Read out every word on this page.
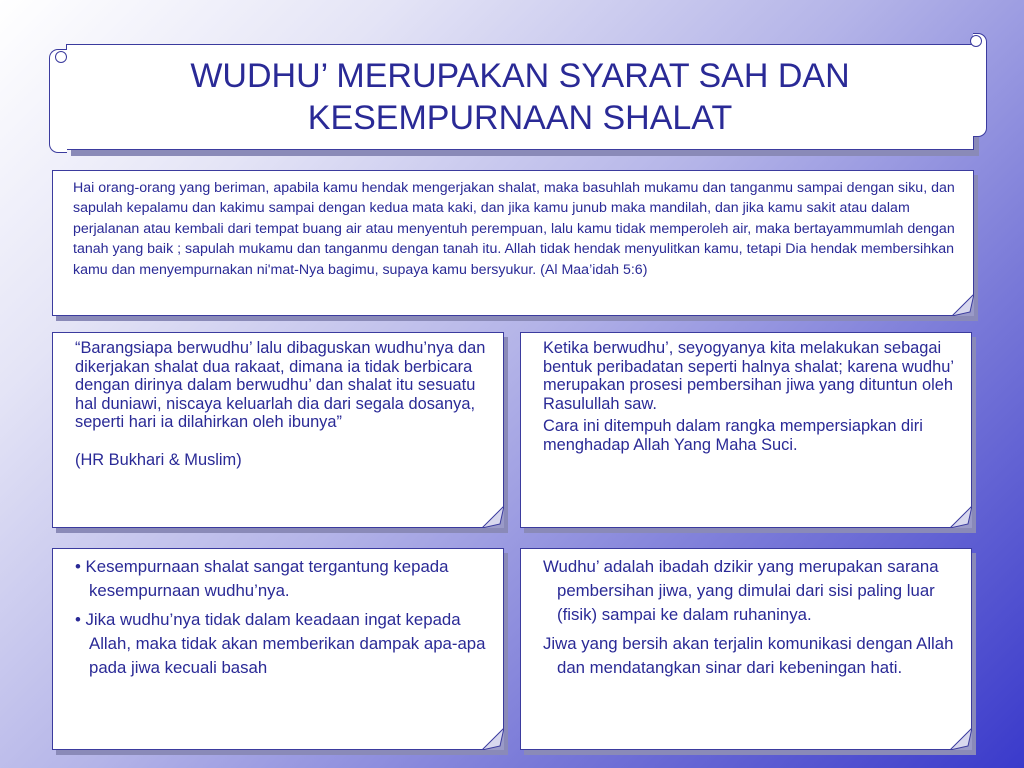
WUDHU’ MERUPAKAN SYARAT SAH DAN KESEMPURNAAN SHALAT

Hai orang-orang yang beriman, apabila kamu hendak mengerjakan shalat, maka basuhlah mukamu dan tanganmu sampai dengan siku, dan sapulah kepalamu dan kakimu sampai dengan kedua mata kaki, dan jika kamu junub maka mandilah, dan jika kamu sakit atau dalam perjalanan atau kembali dari tempat buang air atau menyentuh perempuan, lalu kamu tidak memperoleh air, maka bertayammumlah dengan tanah yang baik ; sapulah mukamu dan tanganmu dengan tanah itu. Allah tidak hendak menyulitkan kamu, tetapi Dia hendak membersihkan kamu dan menyempurnakan ni'mat-Nya bagimu, supaya kamu bersyukur. (Al Maa’idah 5:6)

“Barangsiapa berwudhu’ lalu dibaguskan wudhu’nya dan dikerjakan shalat dua rakaat, dimana ia tidak berbicara dengan dirinya dalam berwudhu’ dan shalat itu sesuatu hal duniawi, niscaya keluarlah dia dari segala dosanya, seperti hari ia dilahirkan oleh ibunya”

(HR Bukhari & Muslim)

Ketika berwudhu’, seyogyanya kita melakukan sebagai bentuk peribadatan seperti halnya shalat; karena wudhu’ merupakan prosesi pembersihan jiwa yang dituntun oleh Rasulullah saw.

Cara ini ditempuh dalam rangka mempersiapkan diri menghadap Allah Yang Maha Suci.

• Kesempurnaan shalat sangat tergantung kepada kesempurnaan wudhu’nya.
• Jika wudhu’nya tidak dalam keadaan ingat kepada Allah, maka tidak akan memberikan dampak apa-apa pada jiwa kecuali basah

Wudhu’ adalah ibadah dzikir yang merupakan sarana pembersihan jiwa, yang dimulai dari sisi paling luar (fisik) sampai ke dalam ruhaninya.

Jiwa yang bersih akan terjalin komunikasi dengan Allah dan mendatangkan sinar dari kebeningan hati.
